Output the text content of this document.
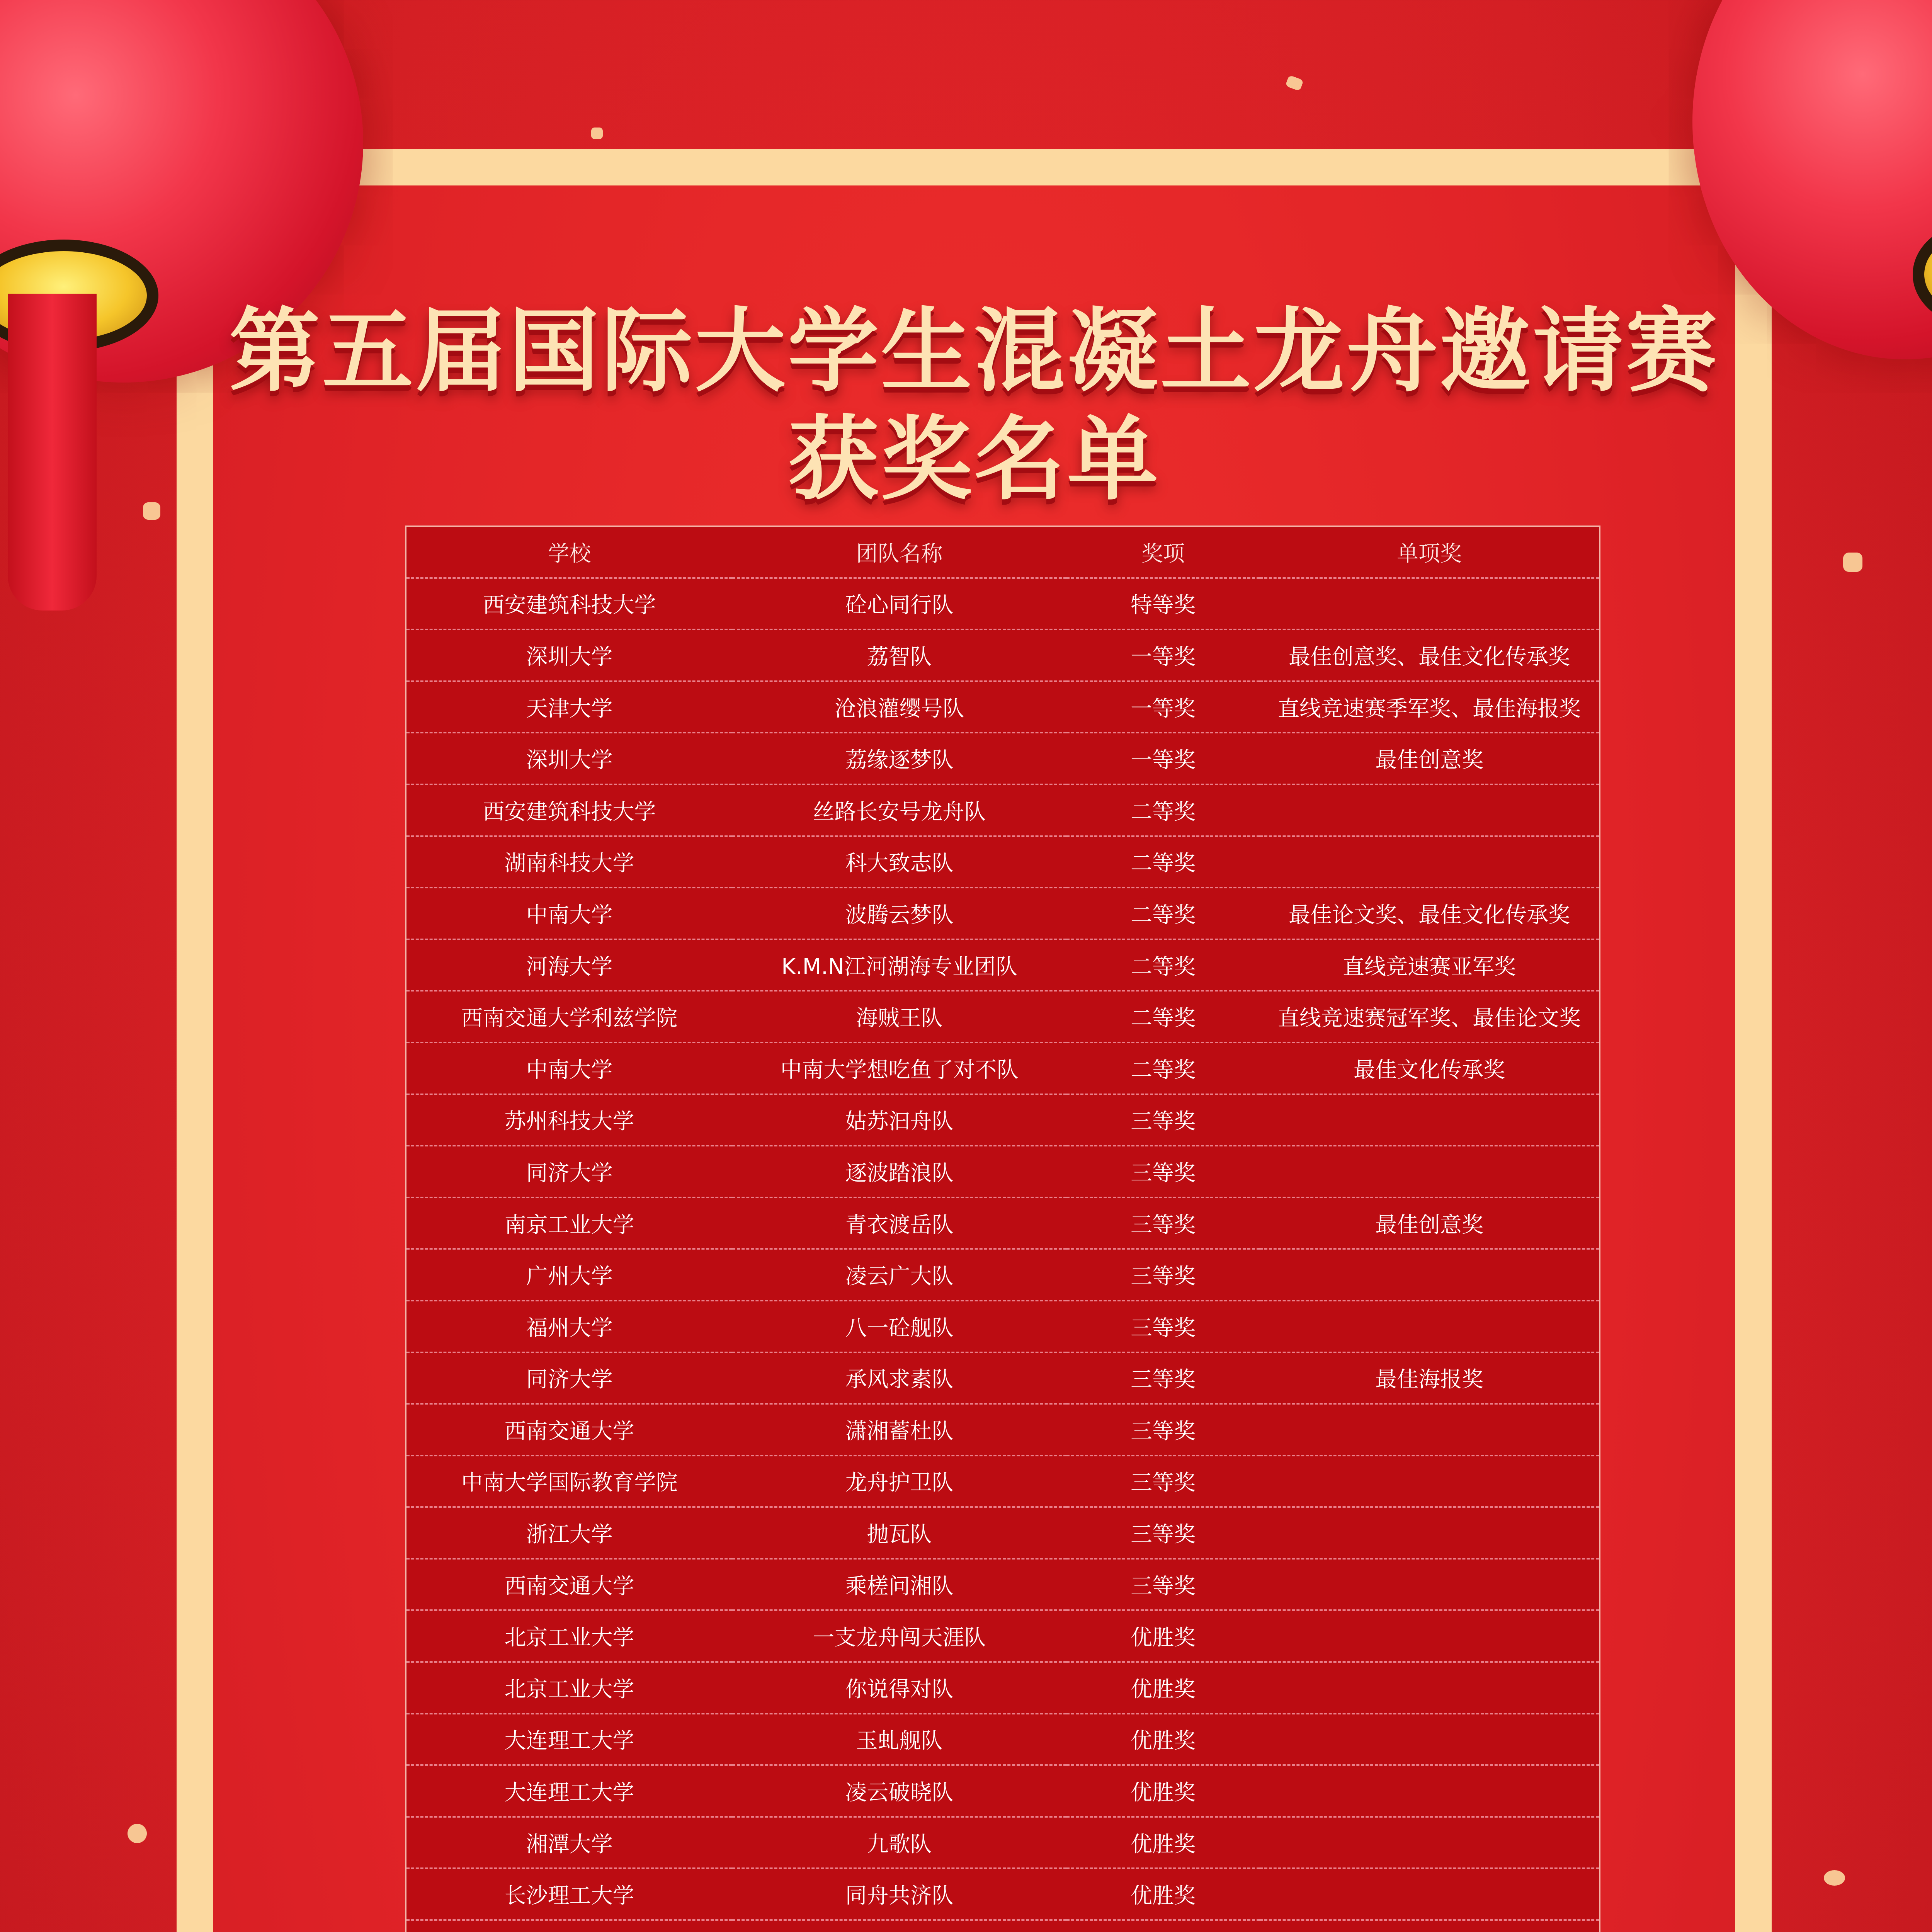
第五届国际大学生混凝土龙舟邀请赛
获奖名单
学校	团队名称	奖项	单项奖
西安建筑科技大学	砼心同行队	特等奖	
深圳大学	荔智队	一等奖	最佳创意奖、最佳文化传承奖
天津大学	沧浪灌缨号队	一等奖	直线竞速赛季军奖、最佳海报奖
深圳大学	荔缘逐梦队	一等奖	最佳创意奖
西安建筑科技大学	丝路长安号龙舟队	二等奖	
湖南科技大学	科大致志队	二等奖	
中南大学	波腾云梦队	二等奖	最佳论文奖、最佳文化传承奖
河海大学	K.M.N江河湖海专业团队	二等奖	直线竞速赛亚军奖
西南交通大学利兹学院	海贼王队	二等奖	直线竞速赛冠军奖、最佳论文奖
中南大学	中南大学想吃鱼了对不队	二等奖	最佳文化传承奖
苏州科技大学	姑苏汩舟队	三等奖	
同济大学	逐波踏浪队	三等奖	
南京工业大学	青衣渡岳队	三等奖	最佳创意奖
广州大学	凌云广大队	三等奖	
福州大学	八一砼舰队	三等奖	
同济大学	承风求素队	三等奖	最佳海报奖
西南交通大学	潇湘蓄杜队	三等奖	
中南大学国际教育学院	龙舟护卫队	三等奖	
浙江大学	抛瓦队	三等奖	
西南交通大学	乘槎问湘队	三等奖	
北京工业大学	一支龙舟闯天涯队	优胜奖	
北京工业大学	你说得对队	优胜奖	
大连理工大学	玉虬舰队	优胜奖	
大连理工大学	凌云破晓队	优胜奖	
湘潭大学	九歌队	优胜奖	
长沙理工大学	同舟共济队	优胜奖	
